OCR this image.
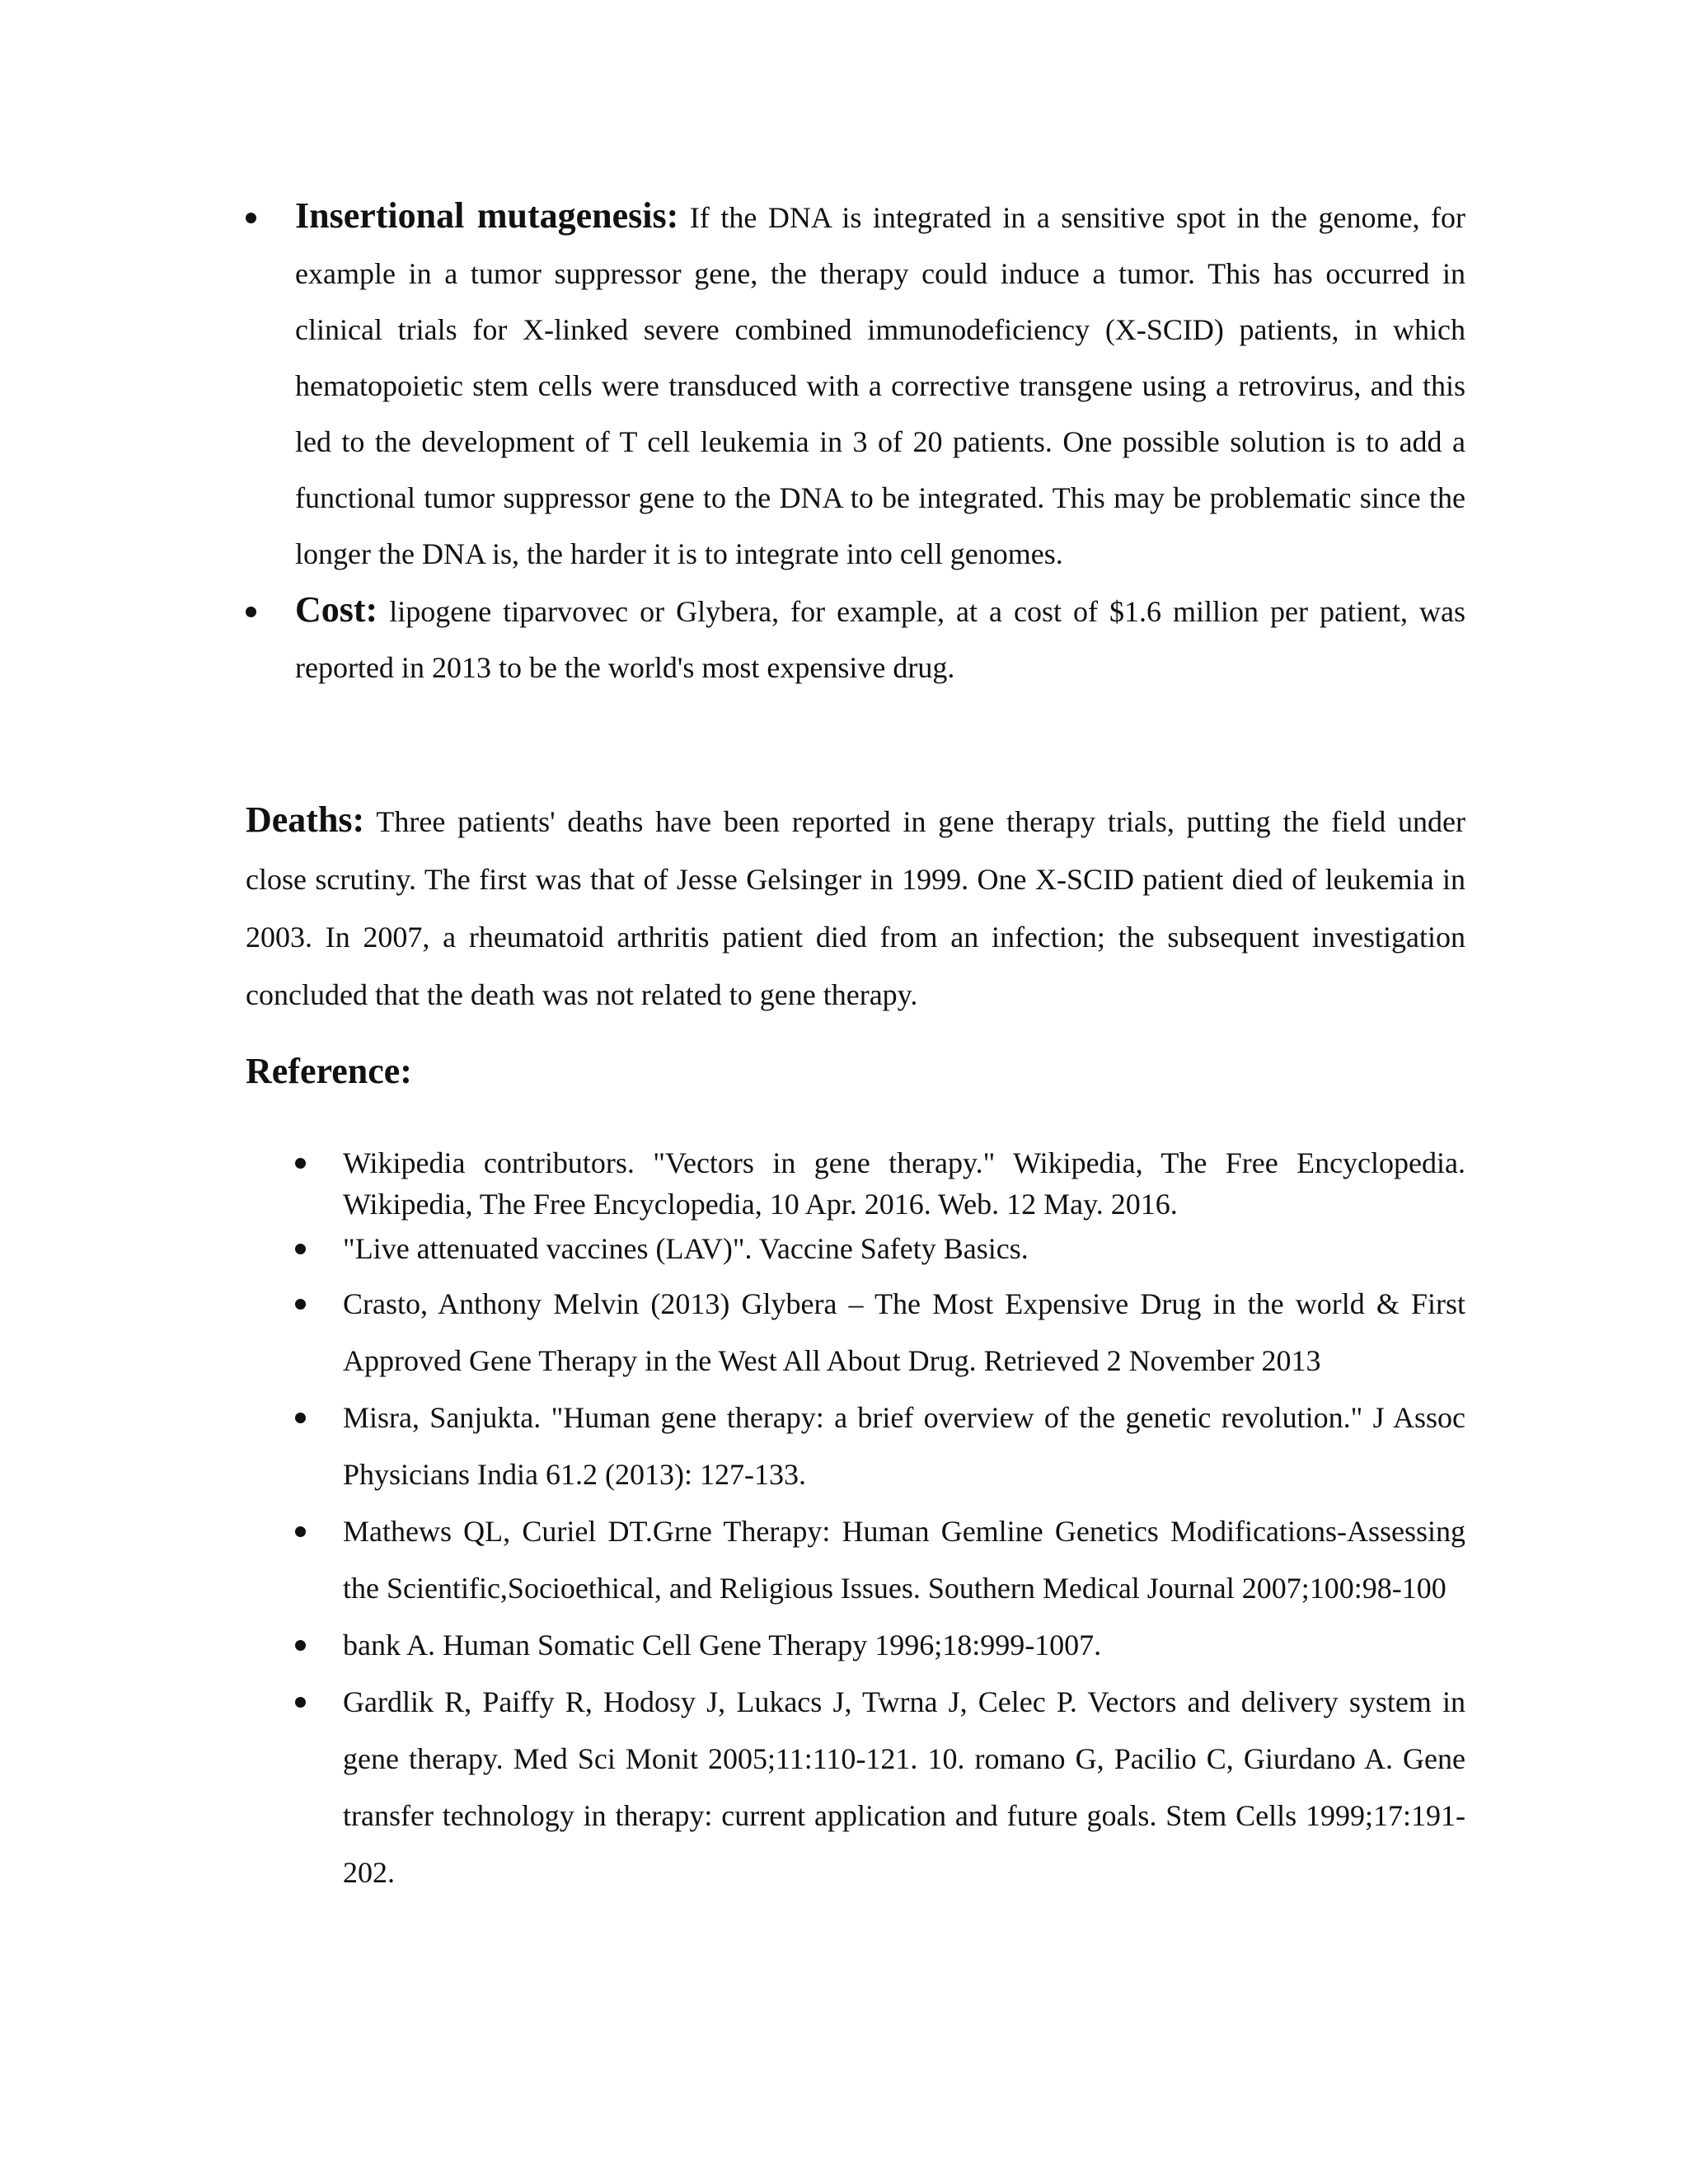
Insertional mutagenesis: If the DNA is integrated in a sensitive spot in the genome, for example in a tumor suppressor gene, the therapy could induce a tumor. This has occurred in clinical trials for X-linked severe combined immunodeficiency (X-SCID) patients, in which hematopoietic stem cells were transduced with a corrective transgene using a retrovirus, and this led to the development of T cell leukemia in 3 of 20 patients. One possible solution is to add a functional tumor suppressor gene to the DNA to be integrated. This may be problematic since the longer the DNA is, the harder it is to integrate into cell genomes.
Cost: lipogene tiparvovec or Glybera, for example, at a cost of $1.6 million per patient, was reported in 2013 to be the world's most expensive drug.

Deaths: Three patients' deaths have been reported in gene therapy trials, putting the field under close scrutiny. The first was that of Jesse Gelsinger in 1999. One X-SCID patient died of leukemia in 2003. In 2007, a rheumatoid arthritis patient died from an infection; the subsequent investigation concluded that the death was not related to gene therapy.

Reference:
Wikipedia contributors. "Vectors in gene therapy." Wikipedia, The Free Encyclopedia. Wikipedia, The Free Encyclopedia, 10 Apr. 2016. Web. 12 May. 2016.
"Live attenuated vaccines (LAV)". Vaccine Safety Basics.
Crasto, Anthony Melvin (2013) Glybera – The Most Expensive Drug in the world & First Approved Gene Therapy in the West All About Drug. Retrieved 2 November 2013
Misra, Sanjukta. "Human gene therapy: a brief overview of the genetic revolution." J Assoc Physicians India 61.2 (2013): 127-133.
Mathews QL, Curiel DT.Grne Therapy: Human Gemline Genetics Modifications-Assessing the Scientific,Socioethical, and Religious Issues. Southern Medical Journal 2007;100:98-100
bank A. Human Somatic Cell Gene Therapy 1996;18:999-1007.
Gardlik R, Paiffy R, Hodosy J, Lukacs J, Twrna J, Celec P. Vectors and delivery system in gene therapy. Med Sci Monit 2005;11:110-121. 10. romano G, Pacilio C, Giurdano A. Gene transfer technology in therapy: current application and future goals. Stem Cells 1999;17:191-202.
